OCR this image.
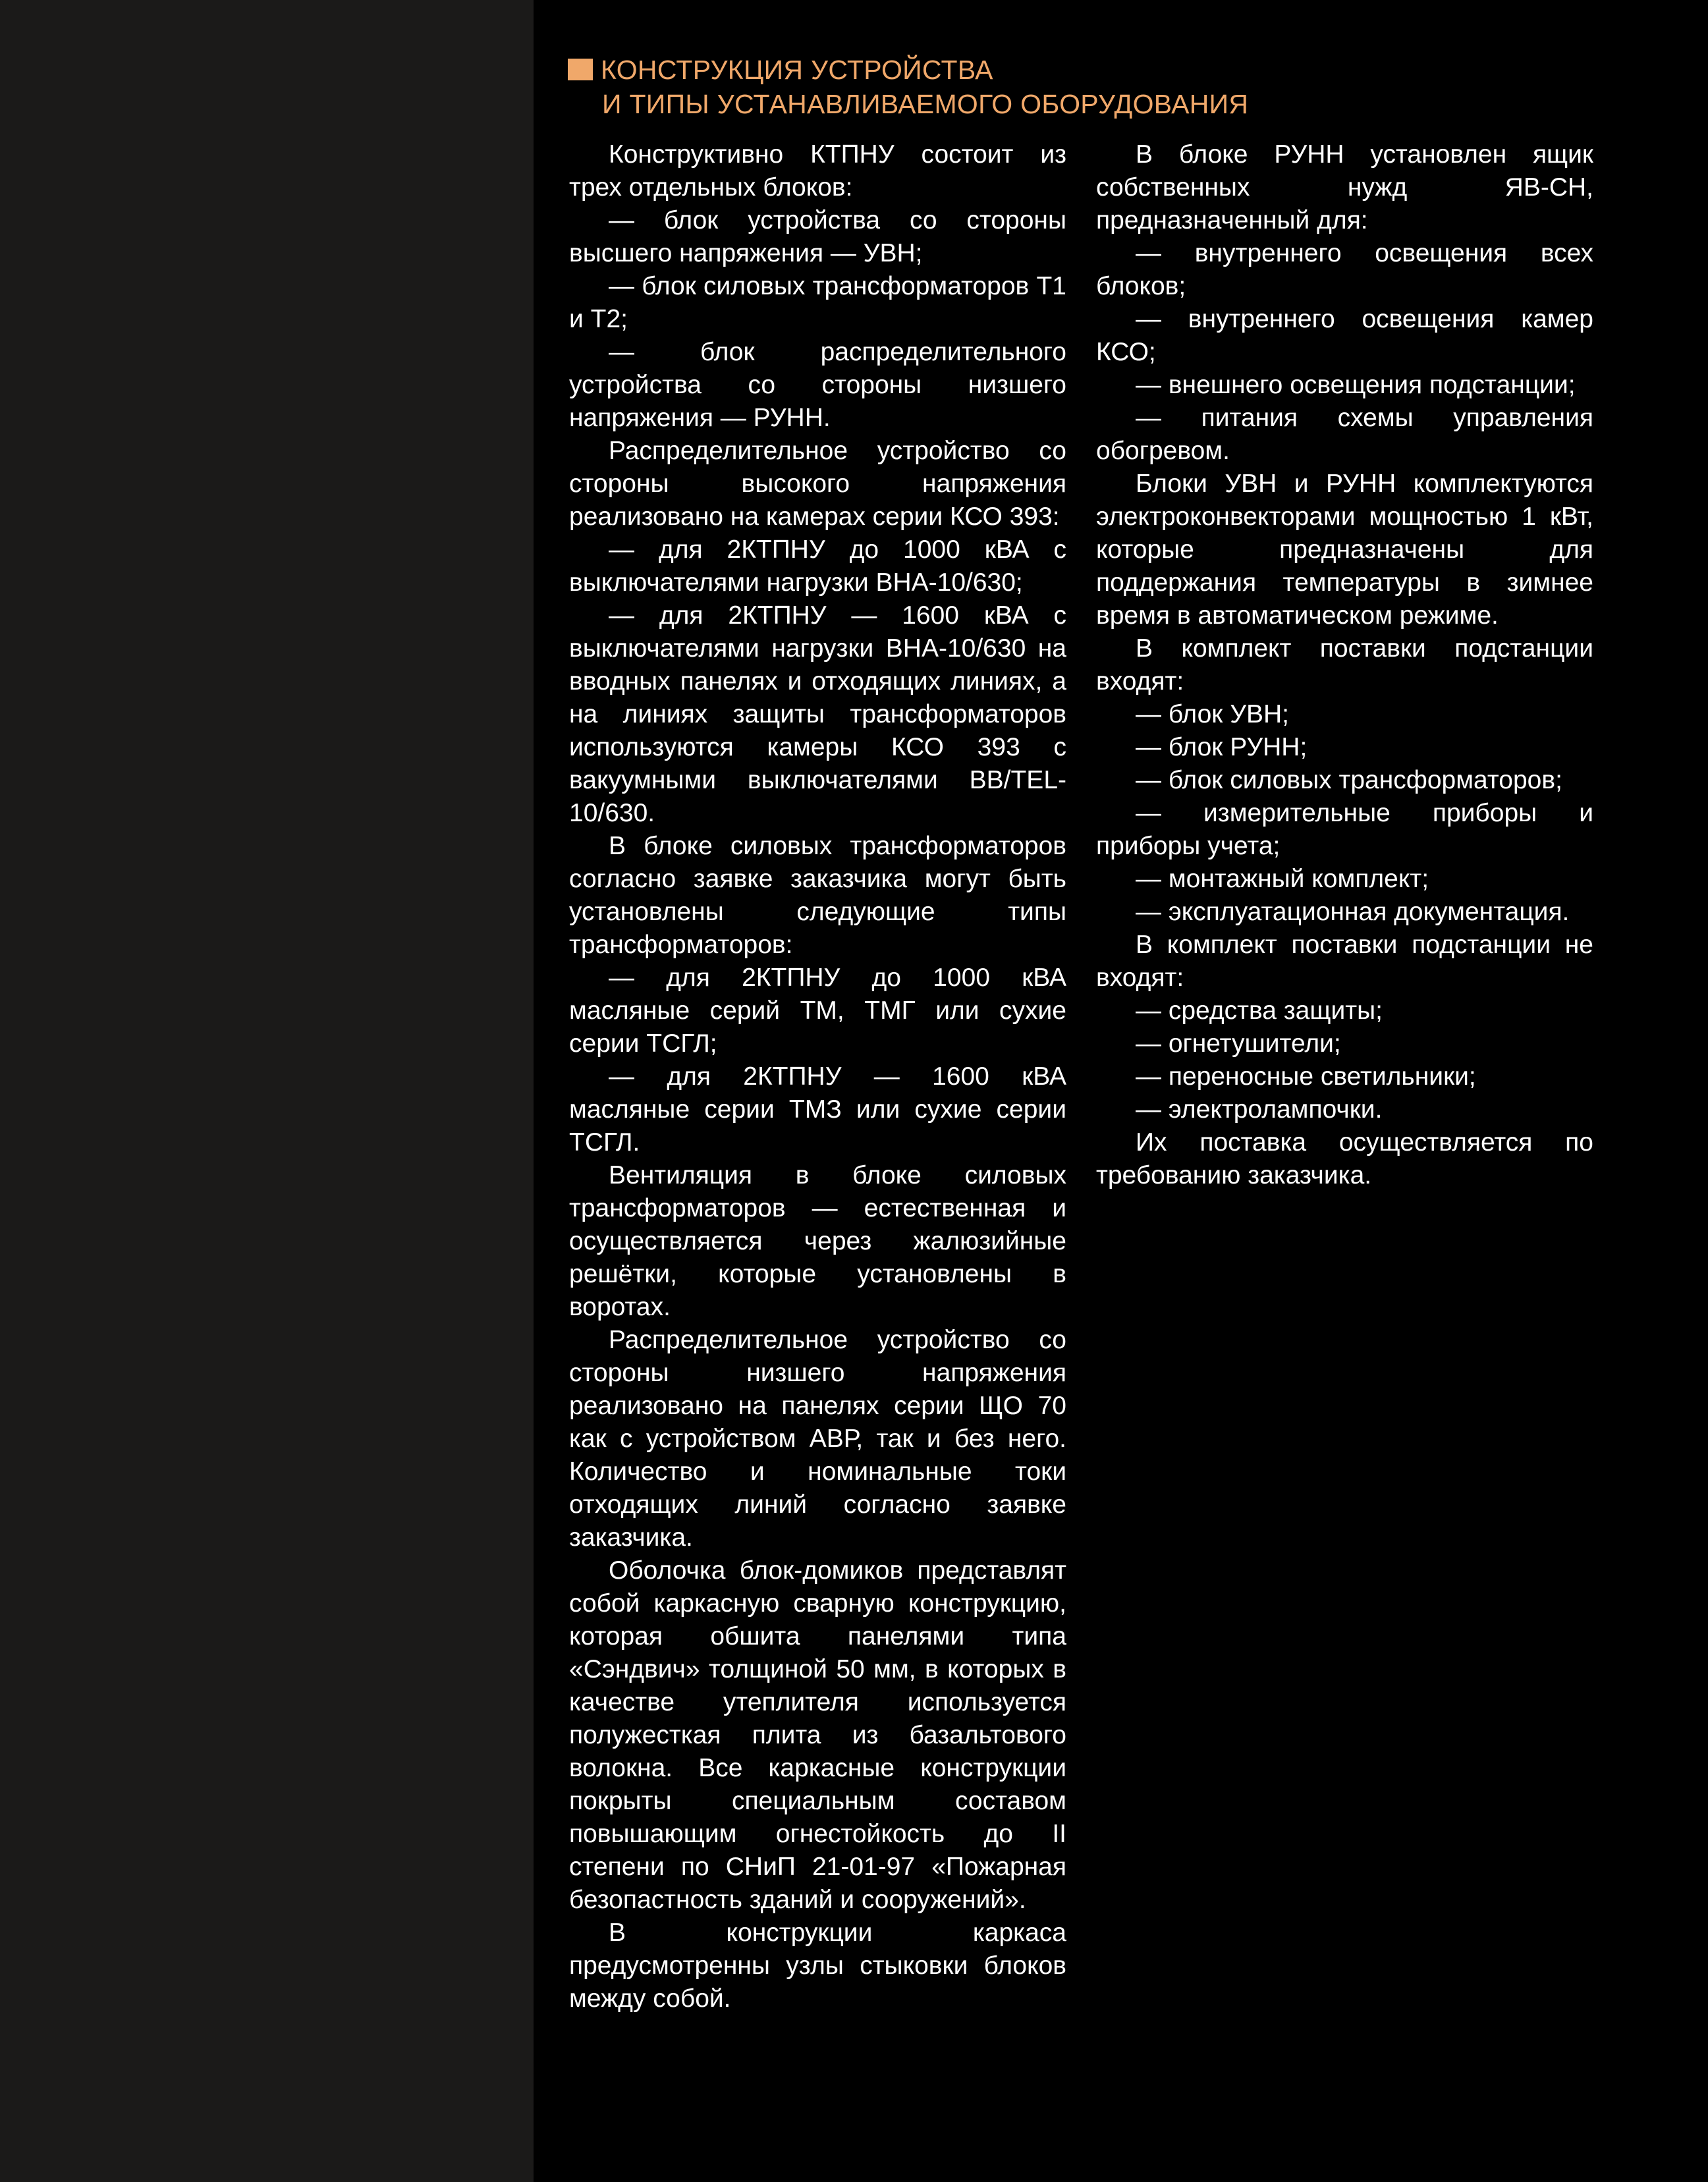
КОНСТРУКЦИЯ УСТРОЙСТВА
И ТИПЫ УСТАНАВЛИВАЕМОГО ОБОРУДОВАНИЯ

Конструктивно КТПНУ состоит из трех отдельных блоков:

— блок устройства со стороны высшего напряжения — УВН;

— блок силовых трансформаторов Т1 и Т2;

— блок распределительного устройства со стороны низшего напряжения — РУНН.

Распределительное устройство со стороны высокого напряжения реализовано на камерах серии КСО 393:

— для 2КТПНУ до 1000 кВА с выключателями нагрузки ВНА-10/630;

— для 2КТПНУ — 1600 кВА с выключателями нагрузки ВНА-10/630 на вводных панелях и отходящих линиях, а на линиях защиты трансформаторов используются камеры КСО 393 с вакуумными выключателями ВВ/TEL-10/630.

В блоке силовых трансформаторов согласно заявке заказчика могут быть установлены следующие типы трансформаторов:

— для 2КТПНУ до 1000 кВА масляные серий ТМ, ТМГ или сухие серии ТСГЛ;

— для 2КТПНУ — 1600 кВА масляные серии ТМЗ или сухие серии ТСГЛ.

Вентиляция в блоке силовых трансформаторов — естественная и осуществляется через жалюзийные решётки, которые установлены в воротах.

Распределительное устройство со стороны низшего напряжения реализовано на панелях серии ЩО 70 как с устройством АВР, так и без него. Количество и номинальные токи отходящих линий согласно заявке заказчика.

Оболочка блок-домиков представлят собой каркасную сварную конструкцию, которая обшита панелями типа «Сэндвич» толщиной 50 мм, в которых в качестве утеплителя используется полужесткая плита из базальтового волокна. Все каркасные конструкции покрыты специальным составом повышающим огнестойкость до II степени по СНиП 21-01-97 «Пожарная безопастность зданий и сооружений».

В конструкции каркаса предусмотренны узлы стыковки блоков между собой.

В блоке РУНН установлен ящик собственных нужд ЯВ-СН, предназначенный для:

— внутреннего освещения всех блоков;

— внутреннего освещения камер КСО;

— внешнего освещения подстанции;

— питания схемы управления обогревом.

Блоки УВН и РУНН комплектуются электроконвекторами мощностью 1 кВт, которые предназначены для поддержания температуры в зимнее время в автоматическом режиме.

В комплект поставки подстанции входят:

— блок УВН;

— блок РУНН;

— блок силовых трансформаторов;

— измерительные приборы и приборы учета;

— монтажный комплект;

— эксплуатационная документация.

В комплект поставки подстанции не входят:

— средства защиты;

— огнетушители;

— переносные светильники;

— электролампочки.

Их поставка осуществляется по требованию заказчика.
